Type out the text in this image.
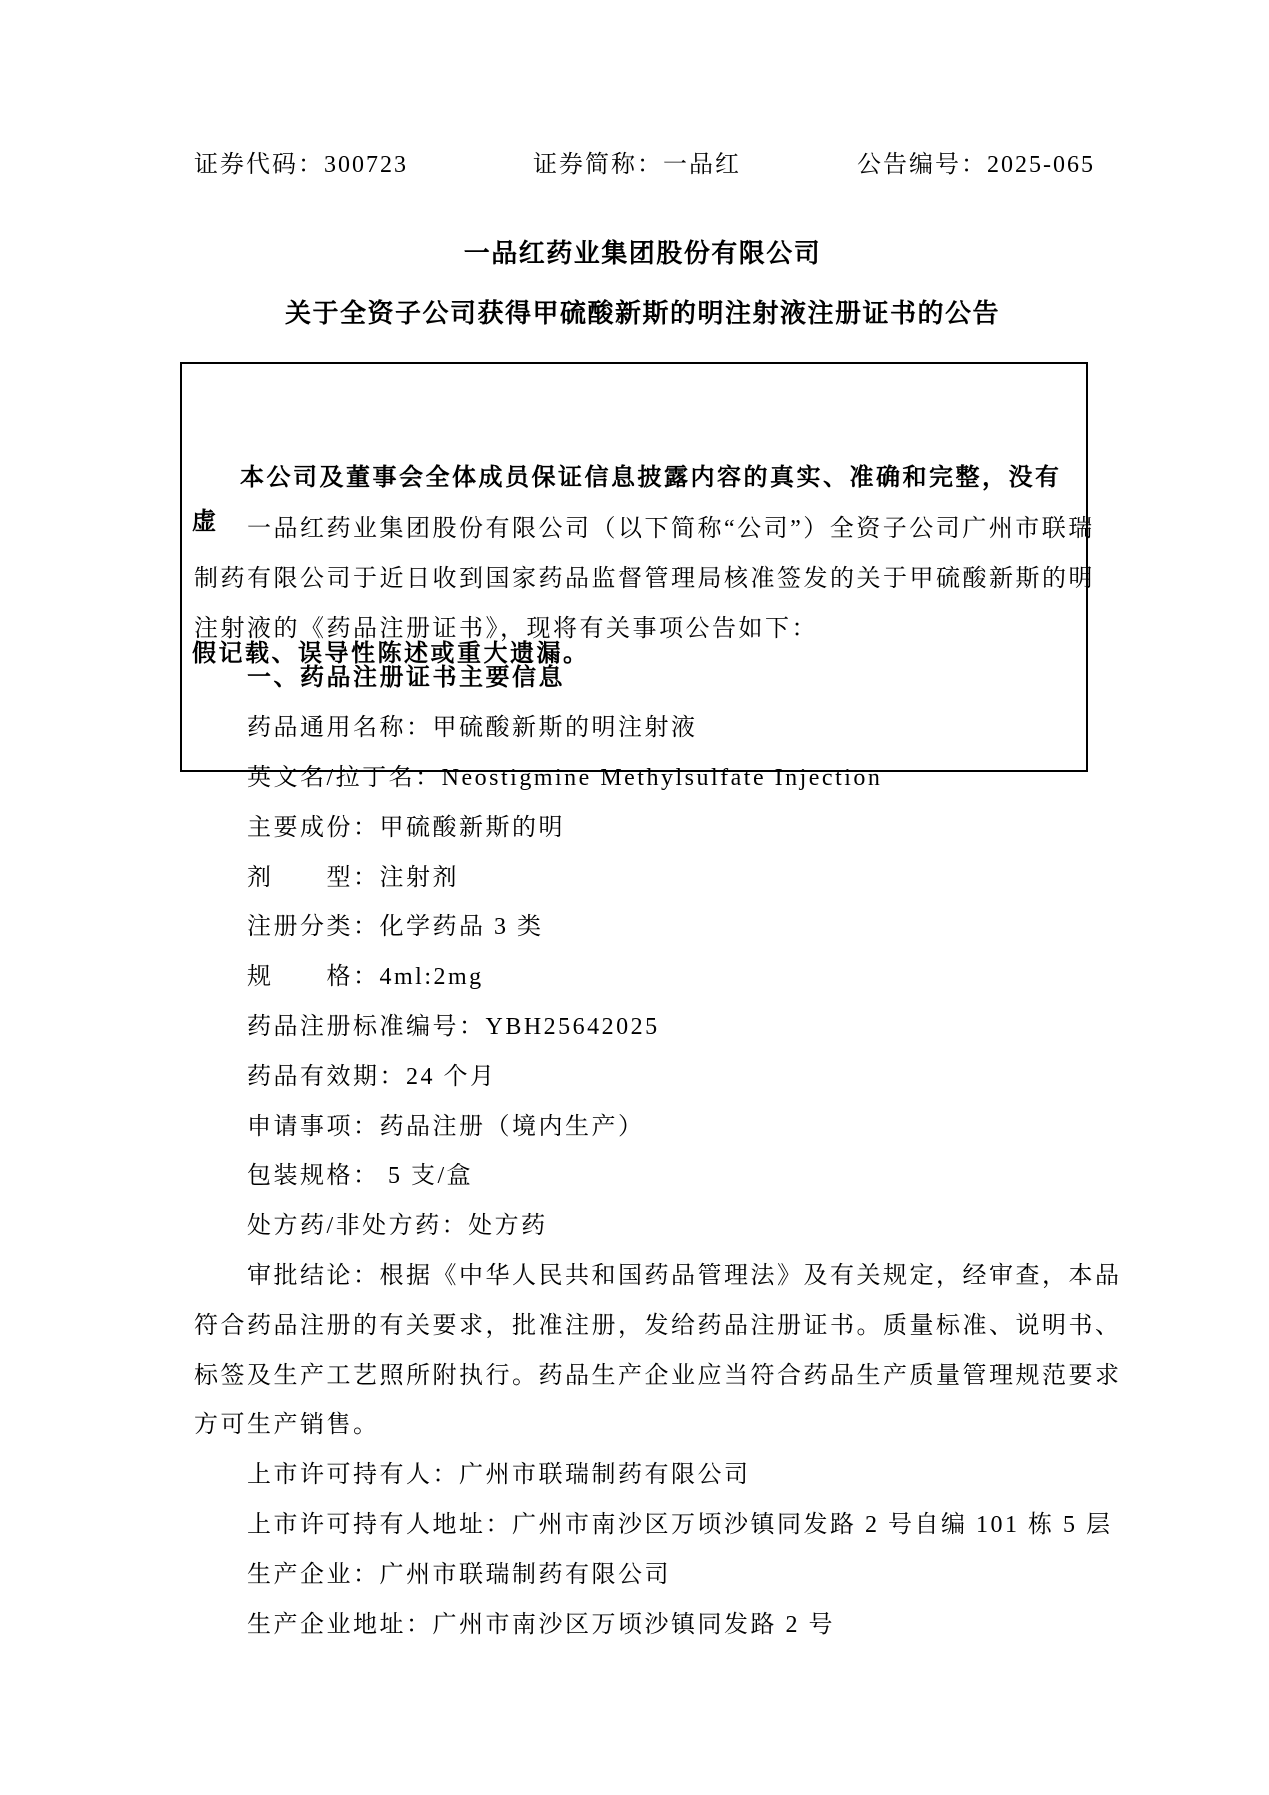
证券代码：300723

	证券简称：一品红

	公告编号：2025-065

一品红药业集团股份有限公司
关于全资子公司获得甲硫酸新斯的明注射液注册证书的公告

本公司及董事会全体成员保证信息披露内容的真实、准确和完整，没有虚

假记载、误导性陈述或重大遗漏。

一品红药业集团股份有限公司（以下简称“公司”）全资子公司广州市联瑞
制药有限公司于近日收到国家药品监督管理局核准签发的关于甲硫酸新斯的明
注射液的《药品注册证书》，现将有关事项公告如下：
一、药品注册证书主要信息
药品通用名称：甲硫酸新斯的明注射液
英文名/拉丁名：Neostigmine Methylsulfate Injection
主要成份：甲硫酸新斯的明
剂　　型：注射剂
注册分类：化学药品 3 类
规　　格：4ml:2mg
药品注册标准编号：YBH25642025
药品有效期：24 个月
申请事项：药品注册（境内生产）
包装规格： 5 支/盒
处方药/非处方药：处方药
审批结论：根据《中华人民共和国药品管理法》及有关规定，经审查，本品
符合药品注册的有关要求，批准注册，发给药品注册证书。质量标准、说明书、
标签及生产工艺照所附执行。药品生产企业应当符合药品生产质量管理规范要求
方可生产销售。
上市许可持有人：广州市联瑞制药有限公司
上市许可持有人地址：广州市南沙区万顷沙镇同发路 2 号自编 101 栋 5 层
生产企业：广州市联瑞制药有限公司
生产企业地址：广州市南沙区万顷沙镇同发路 2 号
